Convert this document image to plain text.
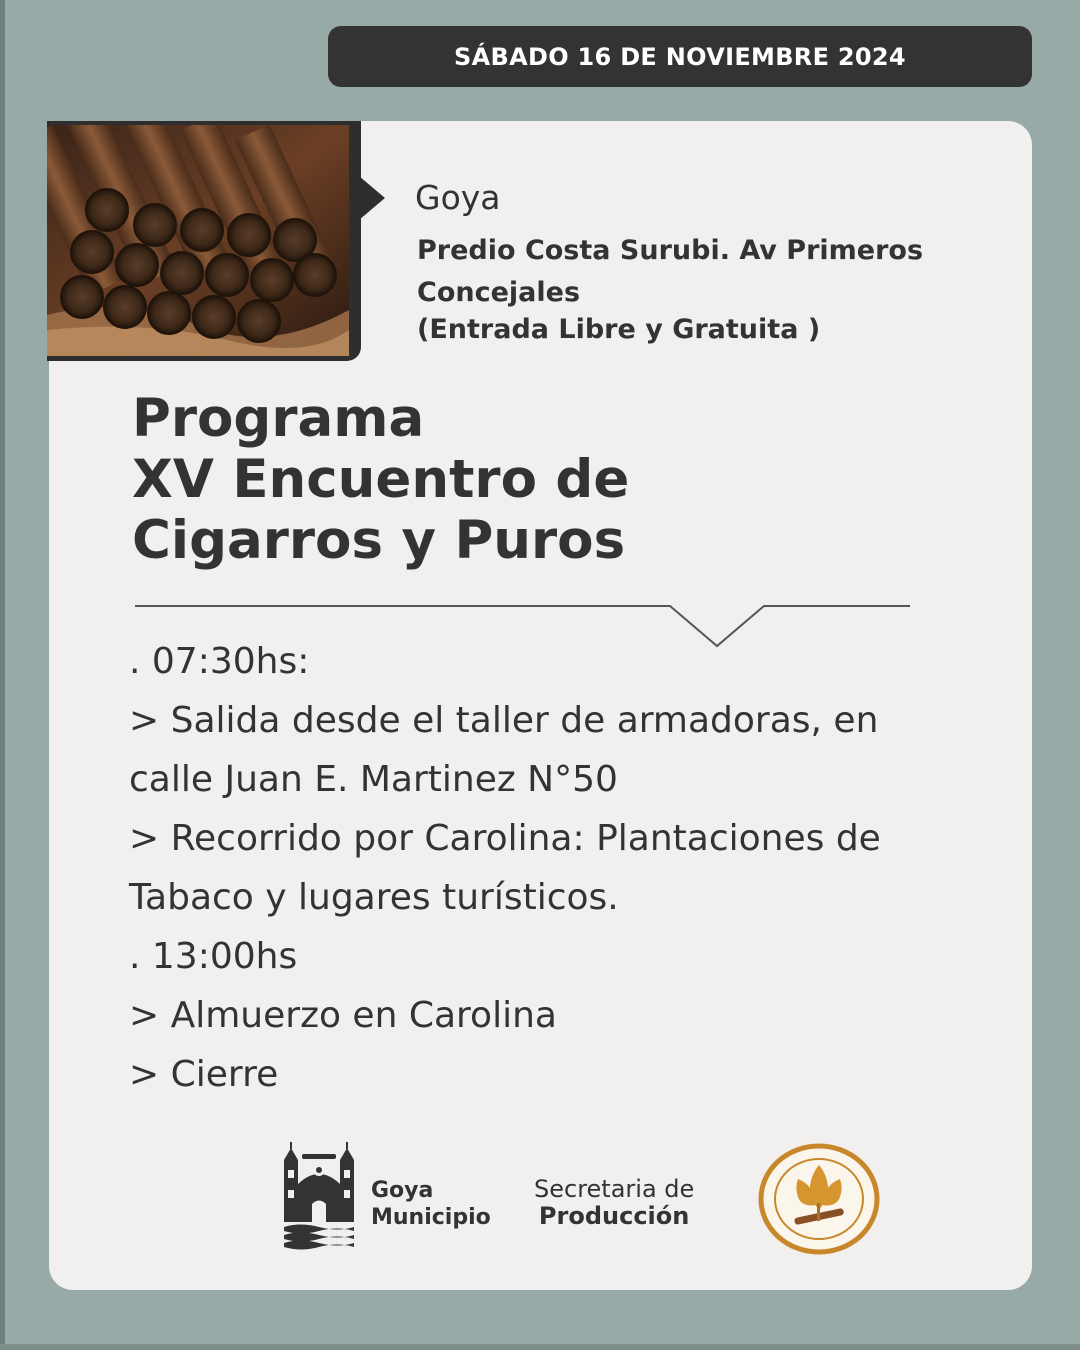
SÁBADO 16 DE NOVIEMBRE 2024
Goya
Predio Costa Surubi. Av Primeros
Concejales
(Entrada Libre y Gratuita )
Programa
XV Encuentro de
Cigarros y Puros
. 07:30hs:
> Salida desde el taller de armadoras, en
calle Juan E. Martinez N°50
> Recorrido por Carolina: Plantaciones de
Tabaco y lugares turísticos.
. 13:00hs
> Almuerzo en Carolina
> Cierre
Goya
Municipio
Secretaria de
Producción
